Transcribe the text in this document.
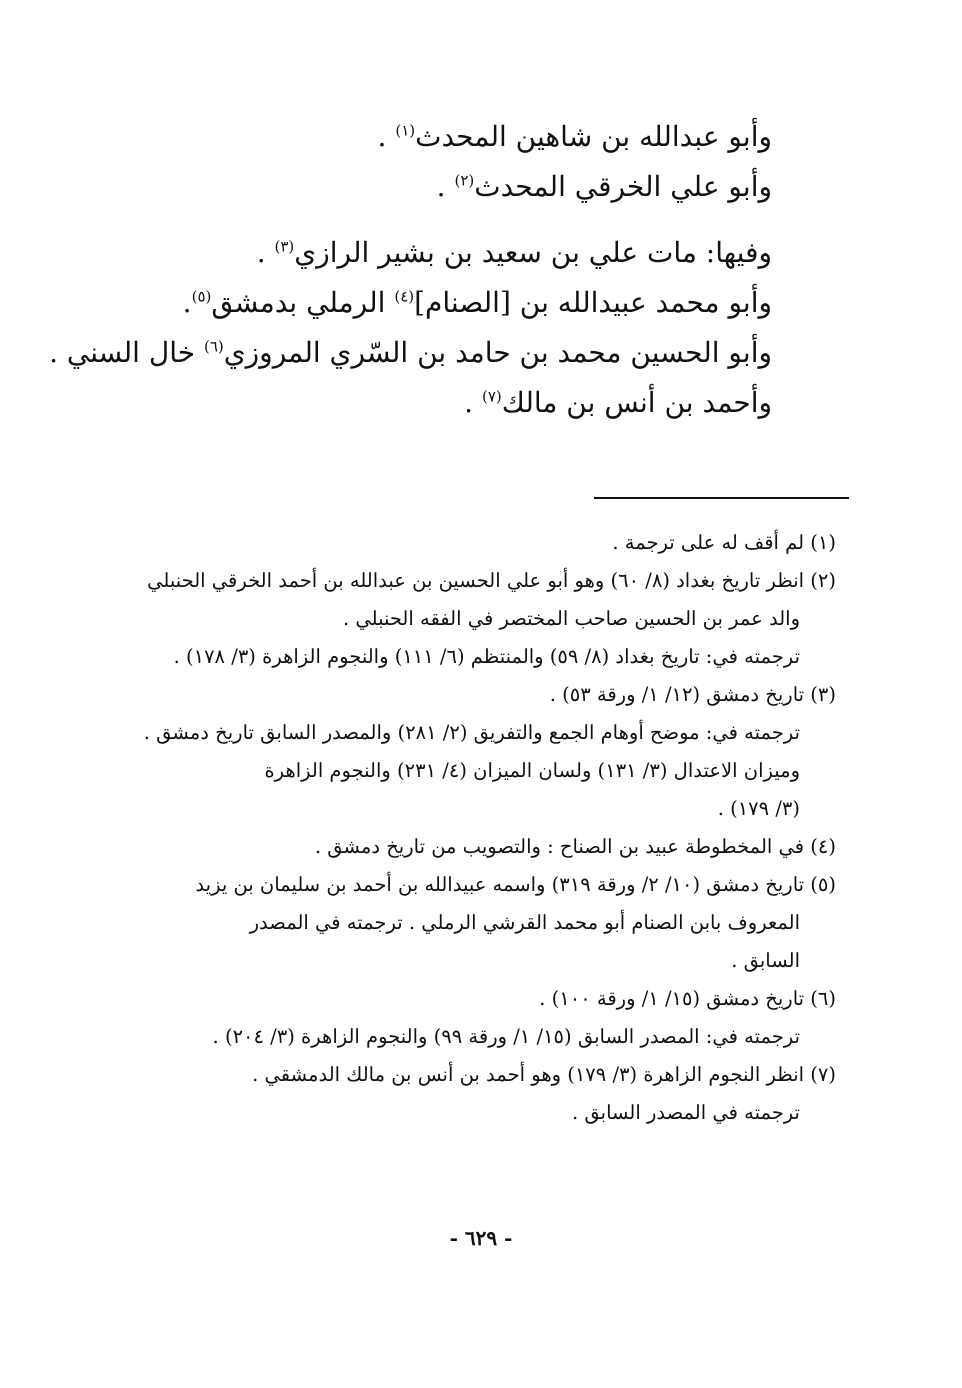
وأبو عبدالله بن شاهين المحدث$^{(١)}$ .
وأبو علي الخرقي المحدث$^{(٢)}$ .
وفيها: مات علي بن سعيد بن بشير الرازي$^{(٣)}$ .
وأبو محمد عبيدالله بن [الصنام]$^{(٤)}$ الرملي بدمشق$^{(٥)}$.
وأبو الحسين محمد بن حامد بن السّري المروزي$^{(٦)}$ خال السني .
وأحمد بن أنس بن مالك$^{(٧)}$ .
(١) لم أقف له على ترجمة .
(٢) انظر تاريخ بغداد (٨/ ٦٠) وهو أبو علي الحسين بن عبدالله بن أحمد الخرقي الحنبلي
والد عمر بن الحسين صاحب المختصر في الفقه الحنبلي .
ترجمته في: تاريخ بغداد (٨/ ٥٩) والمنتظم (٦/ ١١١) والنجوم الزاهرة (٣/ ١٧٨) .
(٣) تاريخ دمشق (١٢/ ١/ ورقة ٥٣) .
ترجمته في: موضح أوهام الجمع والتفريق (٢/ ٢٨١) والمصدر السابق تاريخ دمشق .
وميزان الاعتدال (٣/ ١٣١) ولسان الميزان (٤/ ٢٣١) والنجوم الزاهرة
(٣/ ١٧٩) .
(٤) في المخطوطة عبيد بن الصناح : والتصويب من تاريخ دمشق .
(٥) تاريخ دمشق (١٠/ ٢/ ورقة ٣١٩) واسمه عبيدالله بن أحمد بن سليمان بن يزيد
المعروف بابن الصنام أبو محمد القرشي الرملي . ترجمته في المصدر
السابق .
(٦) تاريخ دمشق (١٥/ ١/ ورقة ١٠٠) .
ترجمته في: المصدر السابق (١٥/ ١/ ورقة ٩٩) والنجوم الزاهرة (٣/ ٢٠٤) .
(٧) انظر النجوم الزاهرة (٣/ ١٧٩) وهو أحمد بن أنس بن مالك الدمشقي .
ترجمته في المصدر السابق .
- ٦٢٩ -
